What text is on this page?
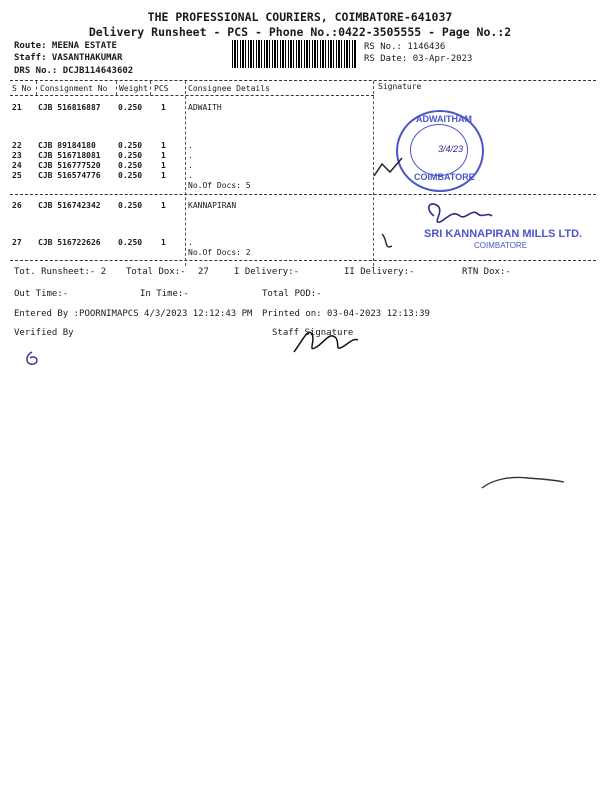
THE PROFESSIONAL COURIERS, COIMBATORE-641037
Delivery Runsheet - PCS - Phone No.:0422-3505555 - Page No.:2
Route: MEENA ESTATE
Staff: VASANTHAKUMAR
DRS No.: DCJB114643602
RS No.: 1146436
RS Date: 03-Apr-2023
S No Consignment No Weight PCS Consignee Details	Signature
21 CJB 516816887 0.250 1	ADWAITH
22 CJB 89184180	0.250 1	.
23 CJB 516718081 0.250 1	.
24 CJB 516777520 0.250 1	.
25 CJB 516574776 0.250 1	.
No.Of Docs: 5
26 CJB 516742342 0.250 1	KANNAPIRAN
27 CJB 516722626 0.250 1	.
No.Of Docs: 2
ADWAITHAM
COIMBATORE
3/4/23
SRI KANNAPIRAN MILLS LTD.
COIMBATORE
Tot. Runsheet:- 2 Total Dox:- 27	I Delivery:-	II Delivery:-	RTN Dox:-
Out Time:-	In Time:-	Total POD:-
Entered By :POORNIMAPCS 4/3/2023 12:12:43 PM Printed on: 03-04-2023 12:13:39
Verified By	Staff Signature
